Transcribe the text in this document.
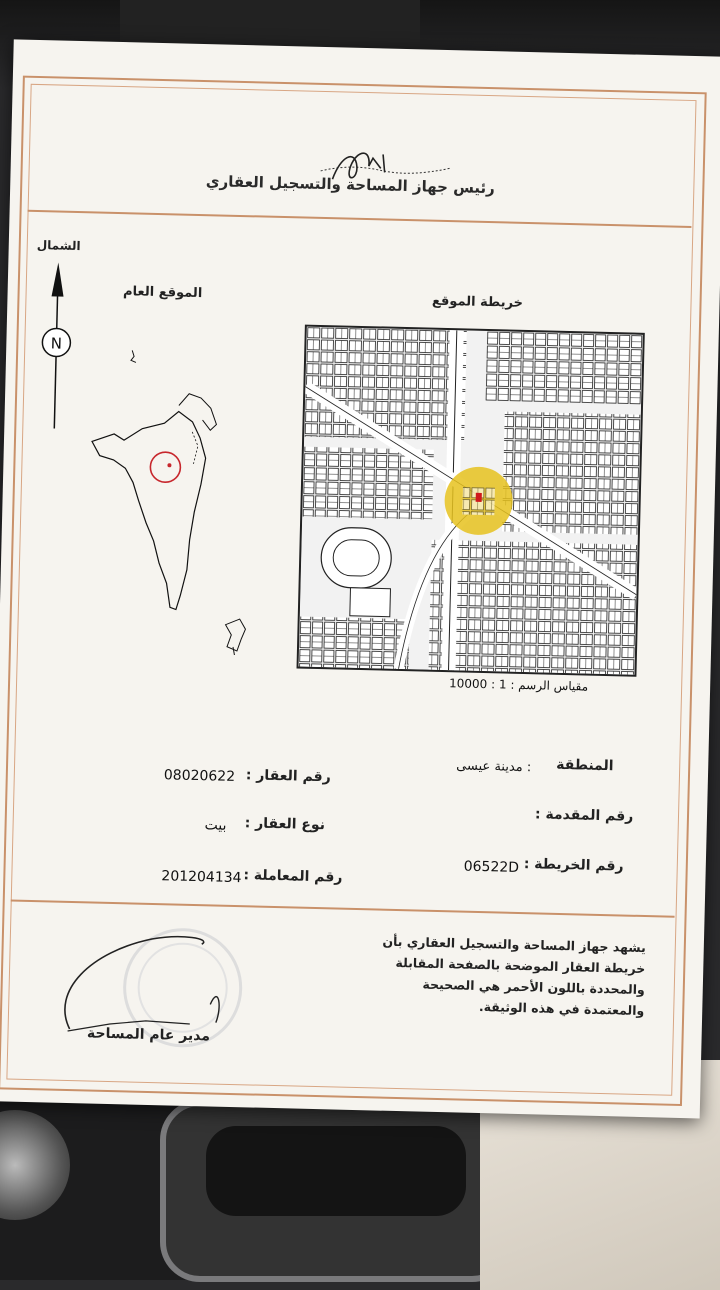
رئيس جهاز المساحة والتسجيل العقاري
الشمال
N
الموقع العام
خريطة الموقع
مقياس الرسم : 10000 : 1
رقم العقار :
08020622
نوع العقار :
بيت
رقم المعاملة :
201204134
المنطقة
: مدينة عيسى
رقم المقدمة :
رقم الخريطة :
06522D
يشهد جهاز المساحة والتسجيل العقاري بأن خريطة العقار الموضحة بالصفحة المقابلة والمحددة باللون الأحمر هي الصحيحة والمعتمدة في هذه الوثيقة.
مدير عام المساحة
